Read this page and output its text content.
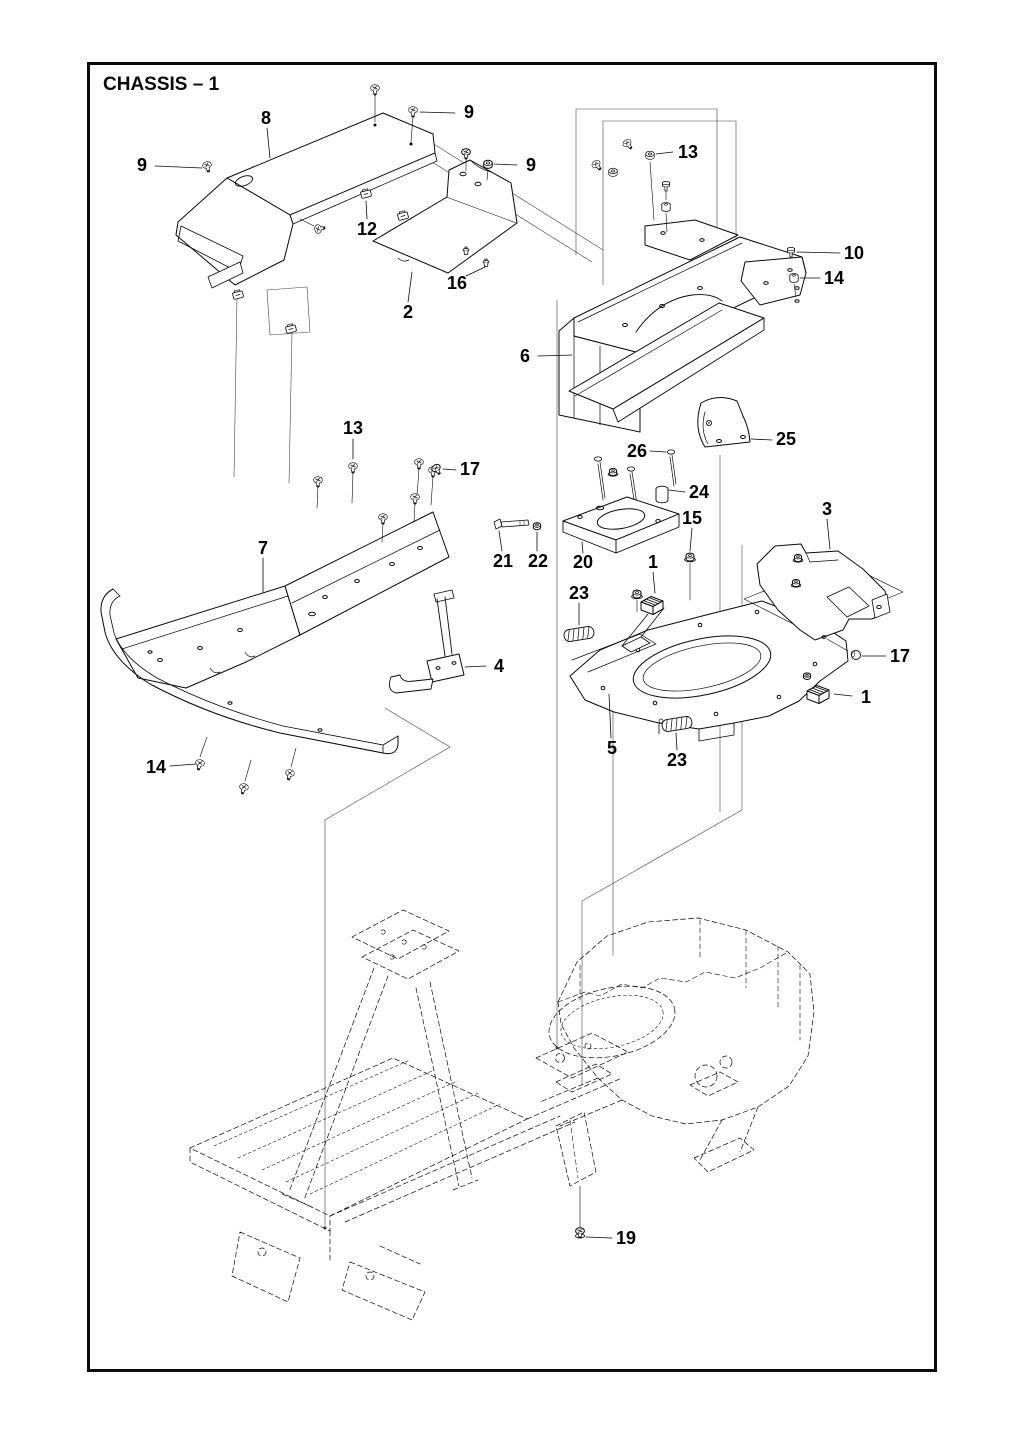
CHASSIS – 1
8
9
9
9
12
13
16
2
10
14
6
25
26
24
15	3
13
17
7
21 22 20	1
23
17
1
5
23
4
14
19
